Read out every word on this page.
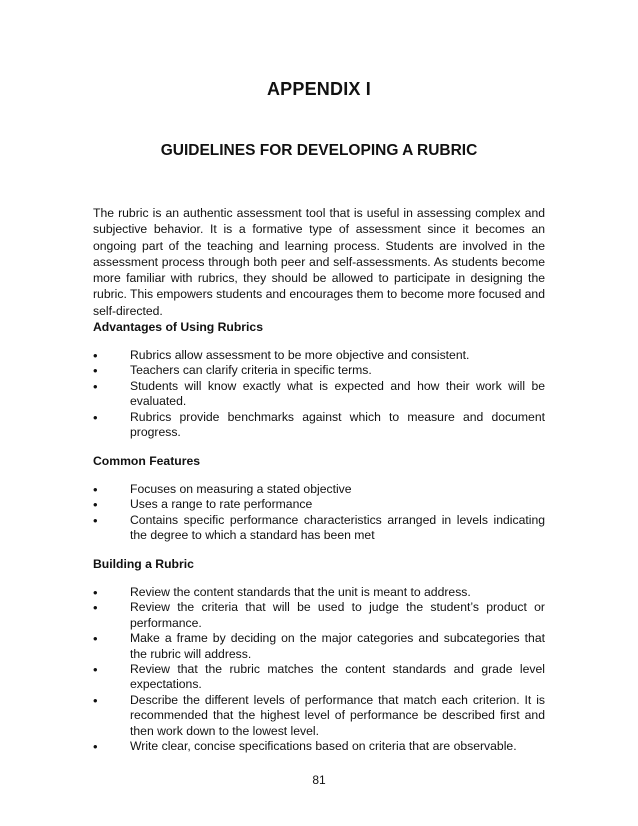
APPENDIX I
GUIDELINES FOR DEVELOPING A RUBRIC

The rubric is an authentic assessment tool that is useful in assessing complex and subjective behavior. It is a formative type of assessment since it becomes an ongoing part of the teaching and learning process. Students are involved in the assessment process through both peer and self-assessments. As students become more familiar with rubrics, they should be allowed to participate in designing the rubric. This empowers students and encourages them to become more focused and self-directed.

Advantages of Using Rubrics

• Rubrics allow assessment to be more objective and consistent.
• Teachers can clarify criteria in specific terms.
• Students will know exactly what is expected and how their work will be evaluated.
• Rubrics provide benchmarks against which to measure and document progress.

Common Features

• Focuses on measuring a stated objective
• Uses a range to rate performance
• Contains specific performance characteristics arranged in levels indicating the degree to which a standard has been met

Building a Rubric

• Review the content standards that the unit is meant to address.
• Review the criteria that will be used to judge the student’s product or performance.
• Make a frame by deciding on the major categories and subcategories that the rubric will address.
• Review that the rubric matches the content standards and grade level expectations.
• Describe the different levels of performance that match each criterion. It is recommended that the highest level of performance be described first and then work down to the lowest level.
• Write clear, concise specifications based on criteria that are observable.
81
